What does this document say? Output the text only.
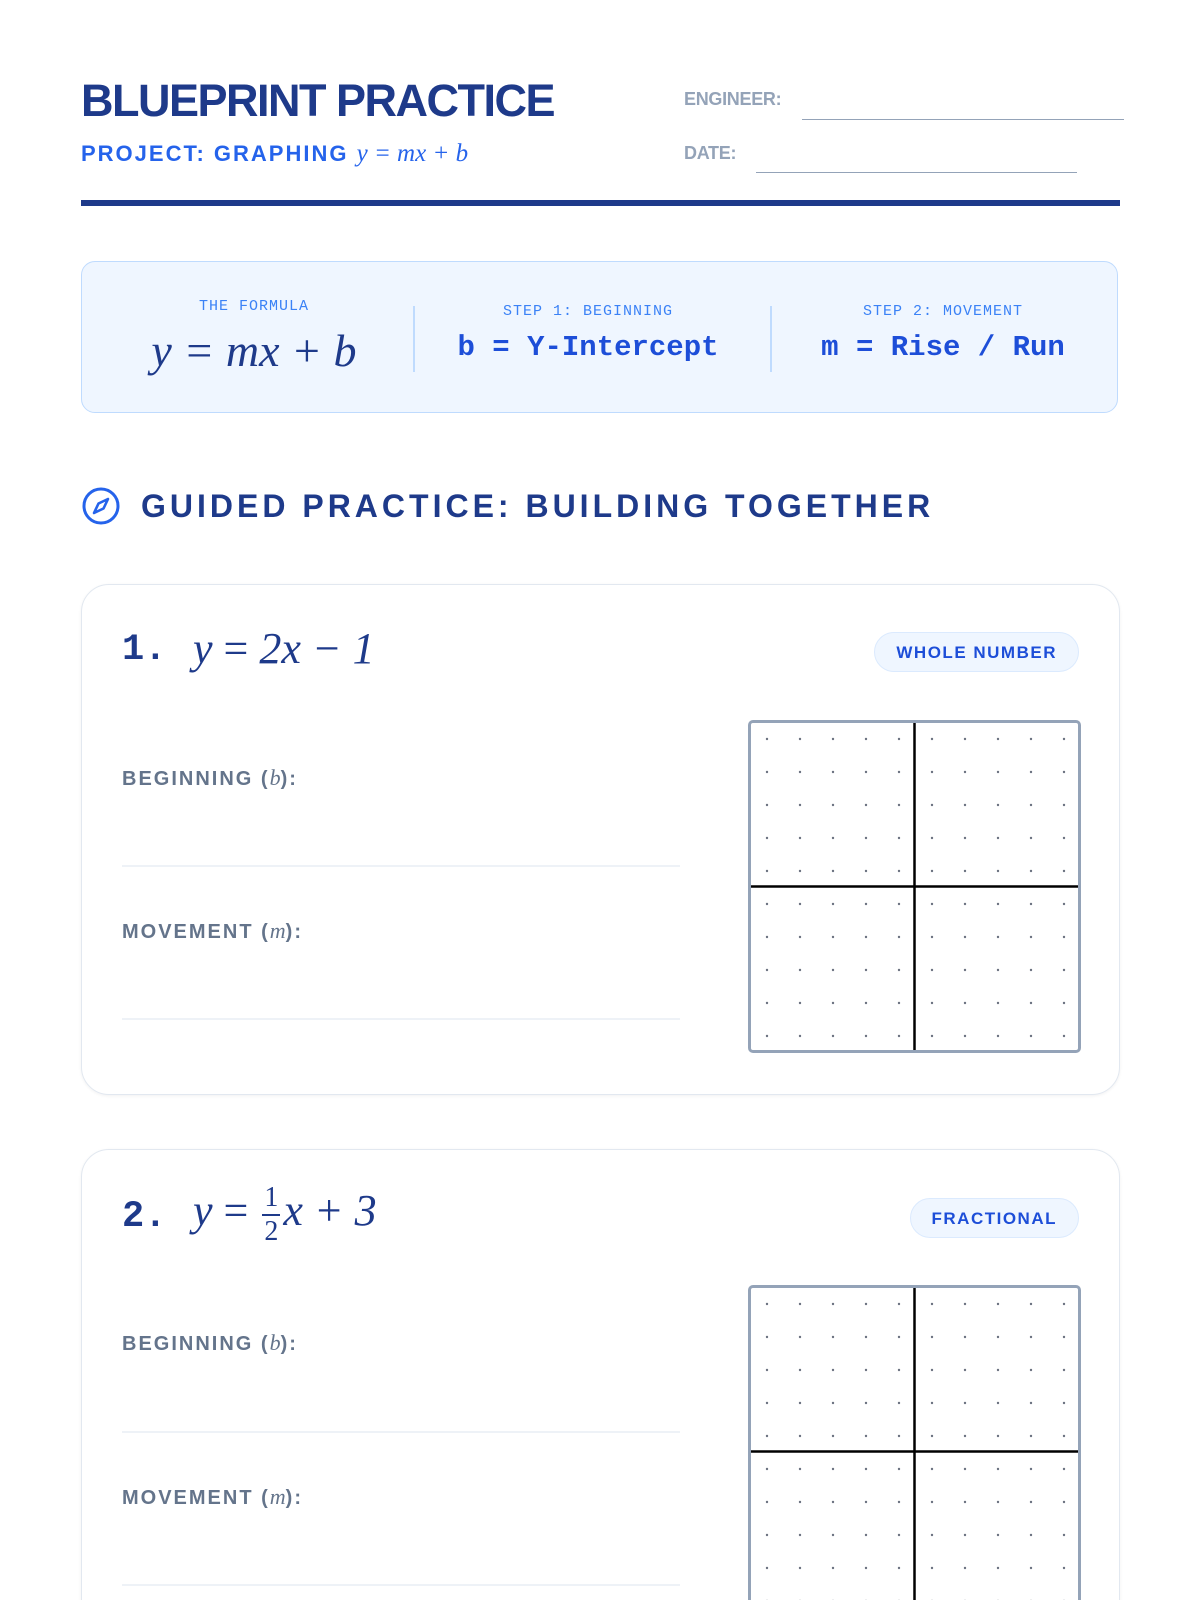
BLUEPRINT PRACTICE
PROJECT: GRAPHING y = mx + b
ENGINEER:
DATE:
THE FORMULA
y = mx + b
STEP 1: BEGINNING
b = Y-Intercept
STEP 2: MOVEMENT
m = Rise / Run
GUIDED PRACTICE: BUILDING TOGETHER
1. y = 2x − 1	WHOLE NUMBER
BEGINNING (b):
MOVEMENT (m):
2. $y = \frac{1}{2}$ x + 3	FRACTIONAL
BEGINNING (b):
MOVEMENT (m):
